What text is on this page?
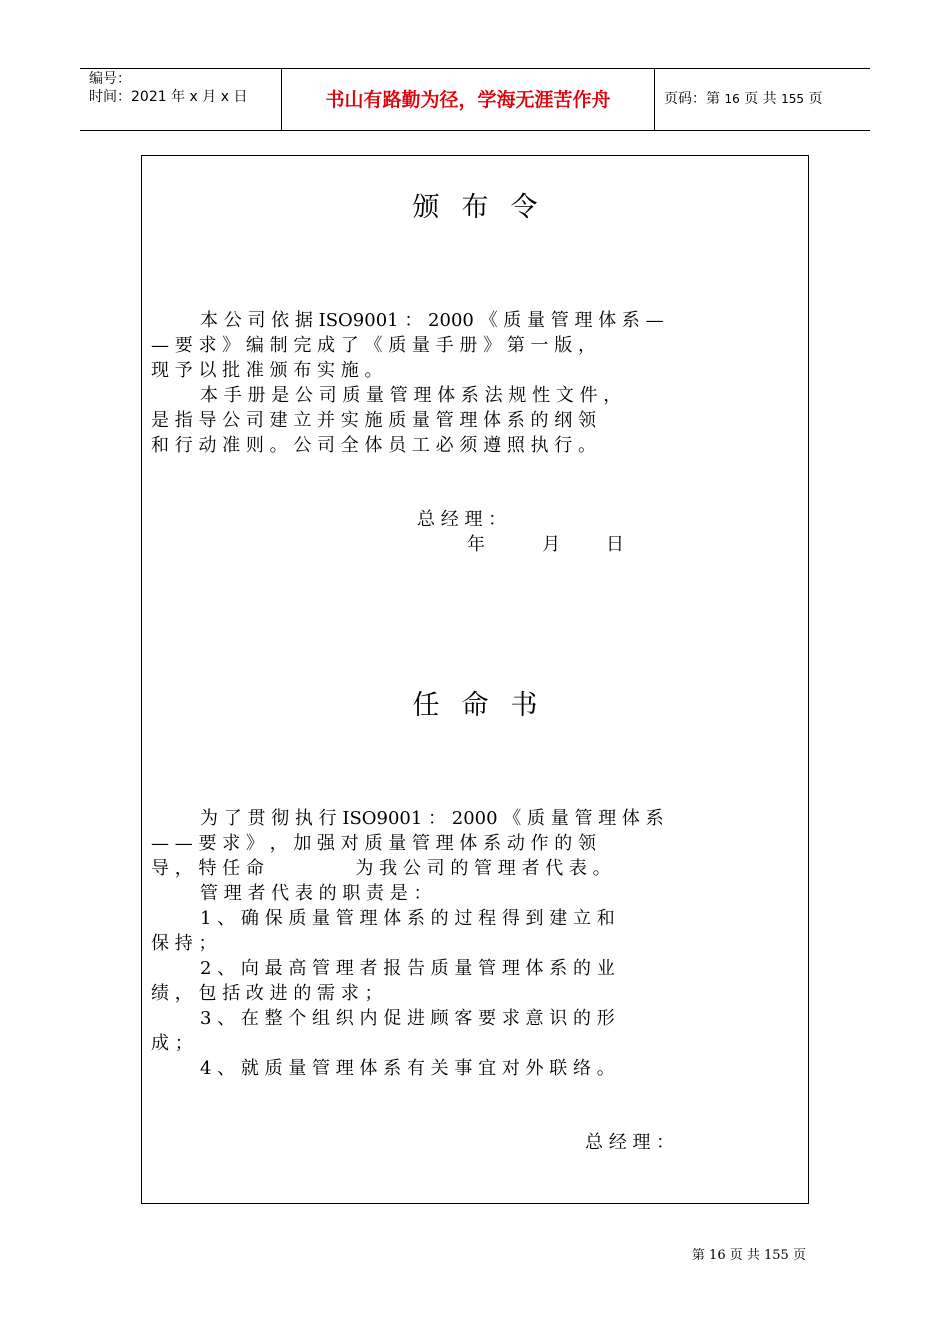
编号：
时间：2021 年 x 月 x 日	书山有路勤为径，学海无涯苦作舟	页码：第 16 页 共 155 页
颁布令
本 公 司 依 据 ISO9001 ： 2000 《 质 量 管 理 体 系 —
— 要 求 》 编 制 完 成 了 《 质 量 手 册 》 第 一 版 ，
现 予 以 批 准 颁 布 实 施 。
本 手 册 是 公 司 质 量 管 理 体 系 法 规 性 文 件 ，
是 指 导 公 司 建 立 并 实 施 质 量 管 理 体 系 的 纲 领
和 行 动 准 则 。 公 司 全 体 员 工 必 须 遵 照 执 行 。
总 经 理 ：
年          月        日
任命书
为 了 贯 彻 执 行 ISO9001 ： 2000 《 质 量 管 理 体 系
— — 要 求 》 ， 加 强 对 质 量 管 理 体 系 动 作 的 领
导 ， 特 任 命                为 我 公 司 的 管 理 者 代 表 。
管 理 者 代 表 的 职 责 是 ：
1 、 确 保 质 量 管 理 体 系 的 过 程 得 到 建 立 和
保 持 ；
2 、 向 最 高 管 理 者 报 告 质 量 管 理 体 系 的 业
绩 ， 包 括 改 进 的 需 求 ；
3 、 在 整 个 组 织 内 促 进 顾 客 要 求 意 识 的 形
成 ；
4 、 就 质 量 管 理 体 系 有 关 事 宜 对 外 联 络 。
总 经 理 ：
第 16 页 共 155 页
